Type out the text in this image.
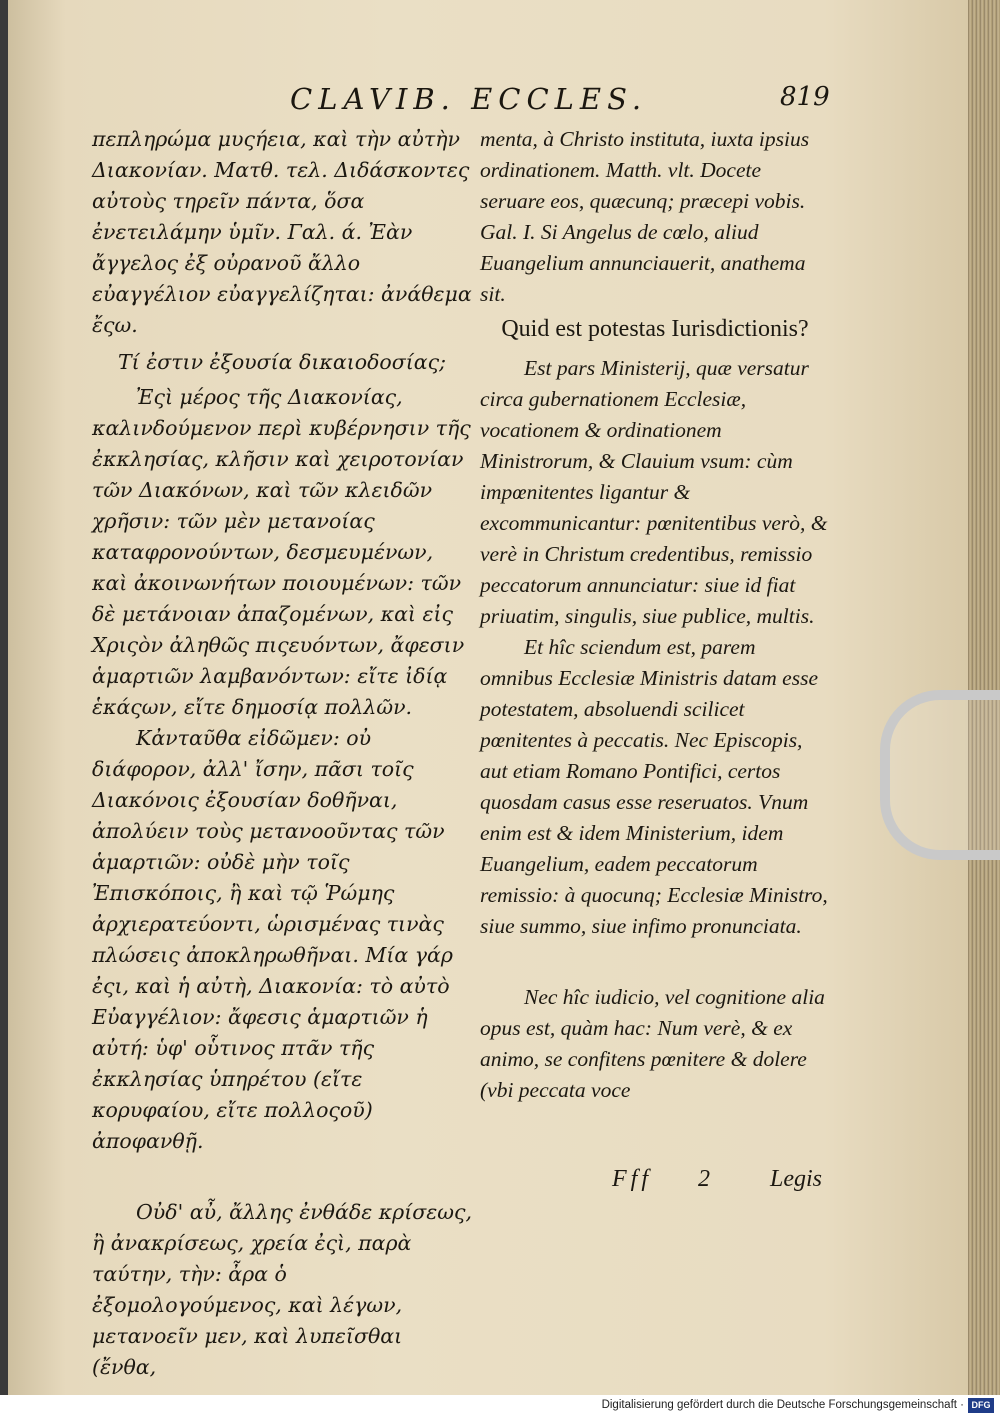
CLAVIB. ECCLES.	819

πεπληρώμα μυςήεια, καὶ τὴν αὐτὴν Διακονίαν. Ματθ. τελ. Διδάσκοντες αὐτοὺς τηρεῖν πάντα, ὅσα ἐνετειλάμην ὑμῖν. Γαλ. ά. Ἐὰν ἄγγελος ἐξ οὐρανοῦ ἄλλο εὐαγγέλιον εὐαγγελίζηται: ἀνάθεμα ἔςω.

Τί ἐστιν ἐξουσία δικαιοδοσίας;

Ἐςὶ μέρος τῆς Διακονίας, καλινδούμενον περὶ κυβέρνησιν τῆς ἐκκλησίας, κλῆσιν καὶ χειροτονίαν τῶν Διακόνων, καὶ τῶν κλειδῶν χρῆσιν: τῶν μὲν μετανοίας καταφρονούντων, δεσμευμένων, καὶ ἀκοινωνήτων ποιουμένων: τῶν δὲ μετάνοιαν ἀπαζομένων, καὶ εἰς Χριςὸν ἀληθῶς πιςευόντων, ἄφεσιν ἁμαρτιῶν λαμβανόντων: εἴτε ἰδίᾳ ἑκάςων, εἴτε δημοσίᾳ πολλῶν.

Κἀνταῦθα εἰδῶμεν: οὐ διάφορον, ἀλλ' ἴσην, πᾶσι τοῖς Διακόνοις ἐξουσίαν δοθῆναι, ἀπολύειν τοὺς μετανοοῦντας τῶν ἁμαρτιῶν: οὐδὲ μὴν τοῖς Ἐπισκόποις, ἢ καὶ τῷ Ῥώμης ἀρχιερατεύοντι, ὡρισμένας τινὰς πλώσεις ἀποκληρωθῆναι. Μία γάρ ἐςι, καὶ ἡ αὐτὴ, Διακονία: τὸ αὐτὸ Εὐαγγέλιον: ἄφεσις ἁμαρτιῶν ἡ αὐτή: ὑφ' οὗτινος πτᾶν τῆς ἐκκλησίας ὑπηρέτου (εἴτε κορυφαίου, εἴτε πολλοςοῦ) ἀποφανθῇ.

Οὐδ' αὖ, ἄλλης ἐνθάδε κρίσεως, ἢ ἀνακρίσεως, χρεία ἐςὶ, παρὰ ταύτην, τὴν: ἆρα ὁ ἐξομολογούμενος, καὶ λέγων, μετανοεῖν μεν, καὶ λυπεῖσθαι (ἔνθα,

menta, à Christo instituta, iuxta ipsius ordinationem. Matth. vlt. Docete seruare eos, quæcunq; præcepi vobis. Gal. I. Si Angelus de cœlo, aliud Euangelium annunciauerit, anathema sit.

Quid est potestas Iurisdictionis?

Est pars Ministerij, quæ versatur circa gubernationem Ecclesiæ, vocationem & ordinationem Ministrorum, & Clauium vsum: cùm impœnitentes ligantur & excommunicantur: pœnitentibus verò, & verè in Christum credentibus, remissio peccatorum annunciatur: siue id fiat priuatim, singulis, siue publice, multis.

Et hîc sciendum est, parem omnibus Ecclesiæ Ministris datam esse potestatem, absoluendi scilicet pœnitentes à peccatis. Nec Episcopis, aut etiam Romano Pontifici, certos quosdam casus esse reseruatos. Vnum enim est & idem Ministerium, idem Euangelium, eadem peccatorum remissio: à quocunq; Ecclesiæ Ministro, siue summo, siue infimo pronunciata.

Nec hîc iudicio, vel cognitione alia opus est, quàm hac: Num verè, & ex animo, se confitens pœnitere & dolere (vbi peccata voce

Fff 2	Legis
Digitalisierung gefördert durch die Deutsche Forschungsgemeinschaft · DFG
